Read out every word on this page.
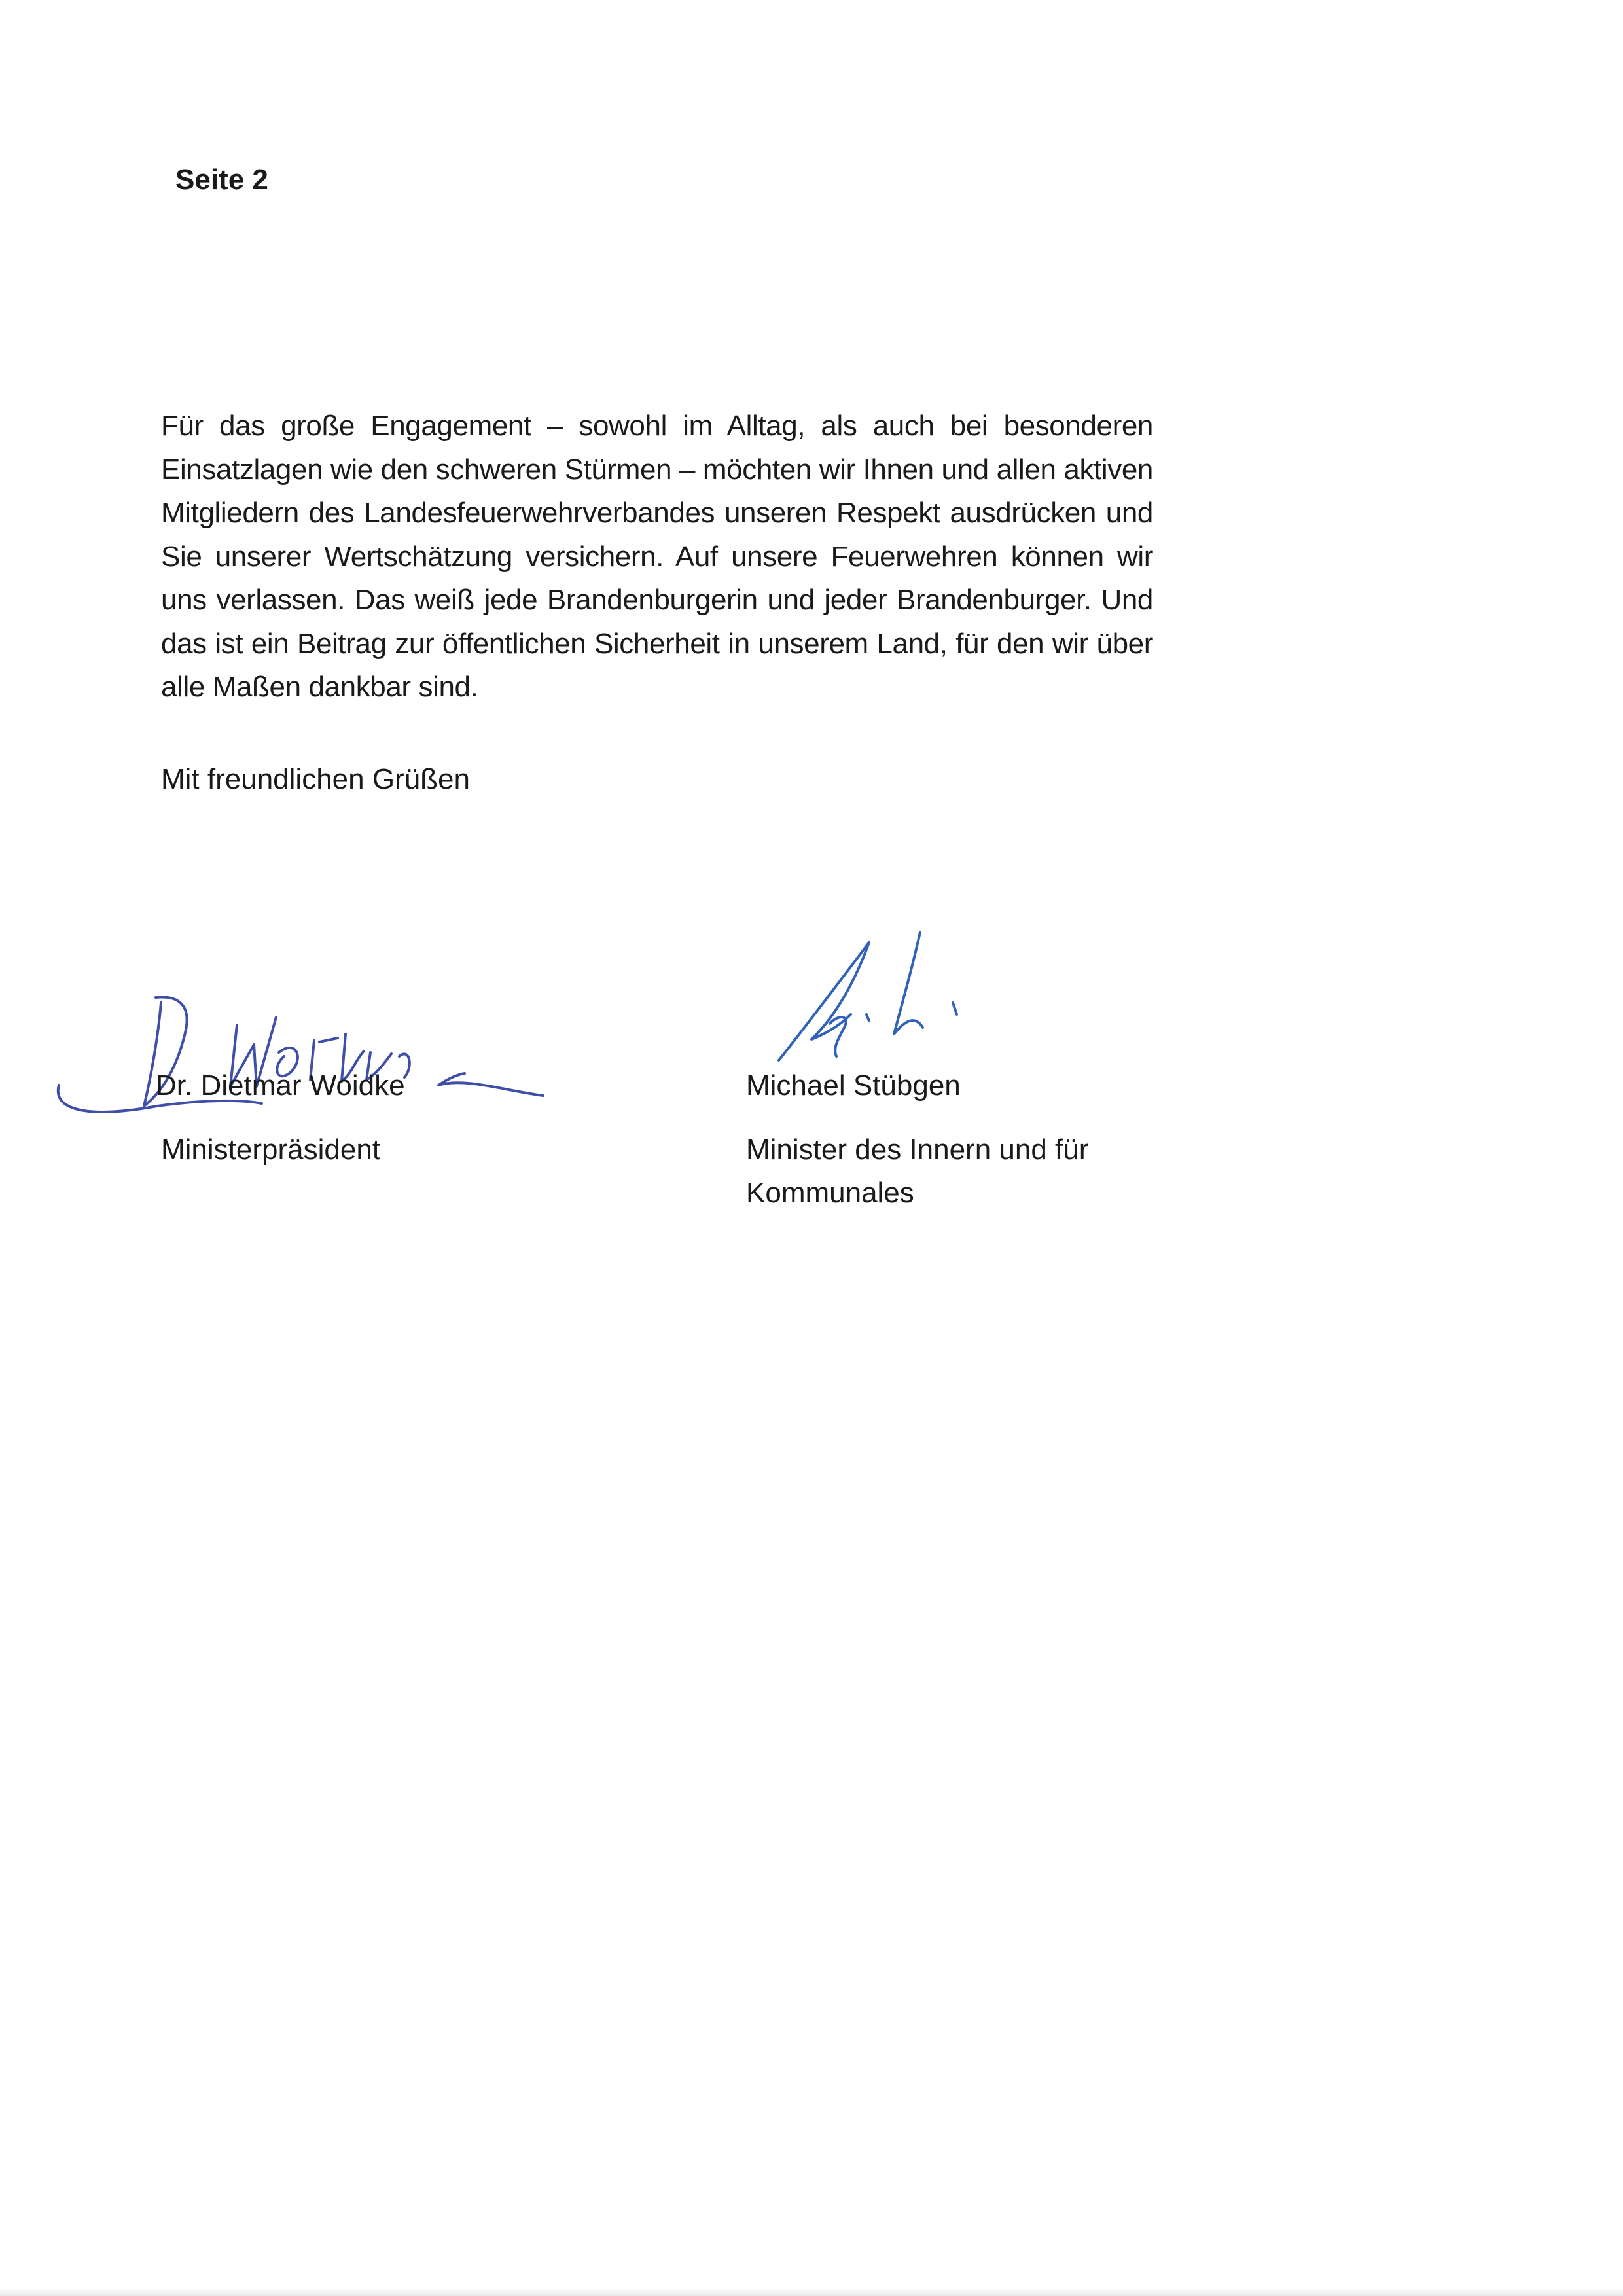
Seite 2

Für das große Engagement – sowohl im Alltag, als auch bei besonderen Einsatzlagen wie den schweren Stürmen – möchten wir Ihnen und allen aktiven Mitgliedern des Landesfeuerwehrverbandes unseren Respekt ausdrücken und Sie unserer Wertschätzung versichern. Auf unsere Feuerwehren können wir uns verlassen. Das weiß jede Brandenburgerin und jeder Brandenburger. Und das ist ein Beitrag zur öffentlichen Sicherheit in unserem Land, für den wir über alle Maßen dankbar sind.

Mit freundlichen Grüßen

Dr. Dietmar Woidke

Ministerpräsident

Michael Stübgen

Minister des Innern und für Kommunales
